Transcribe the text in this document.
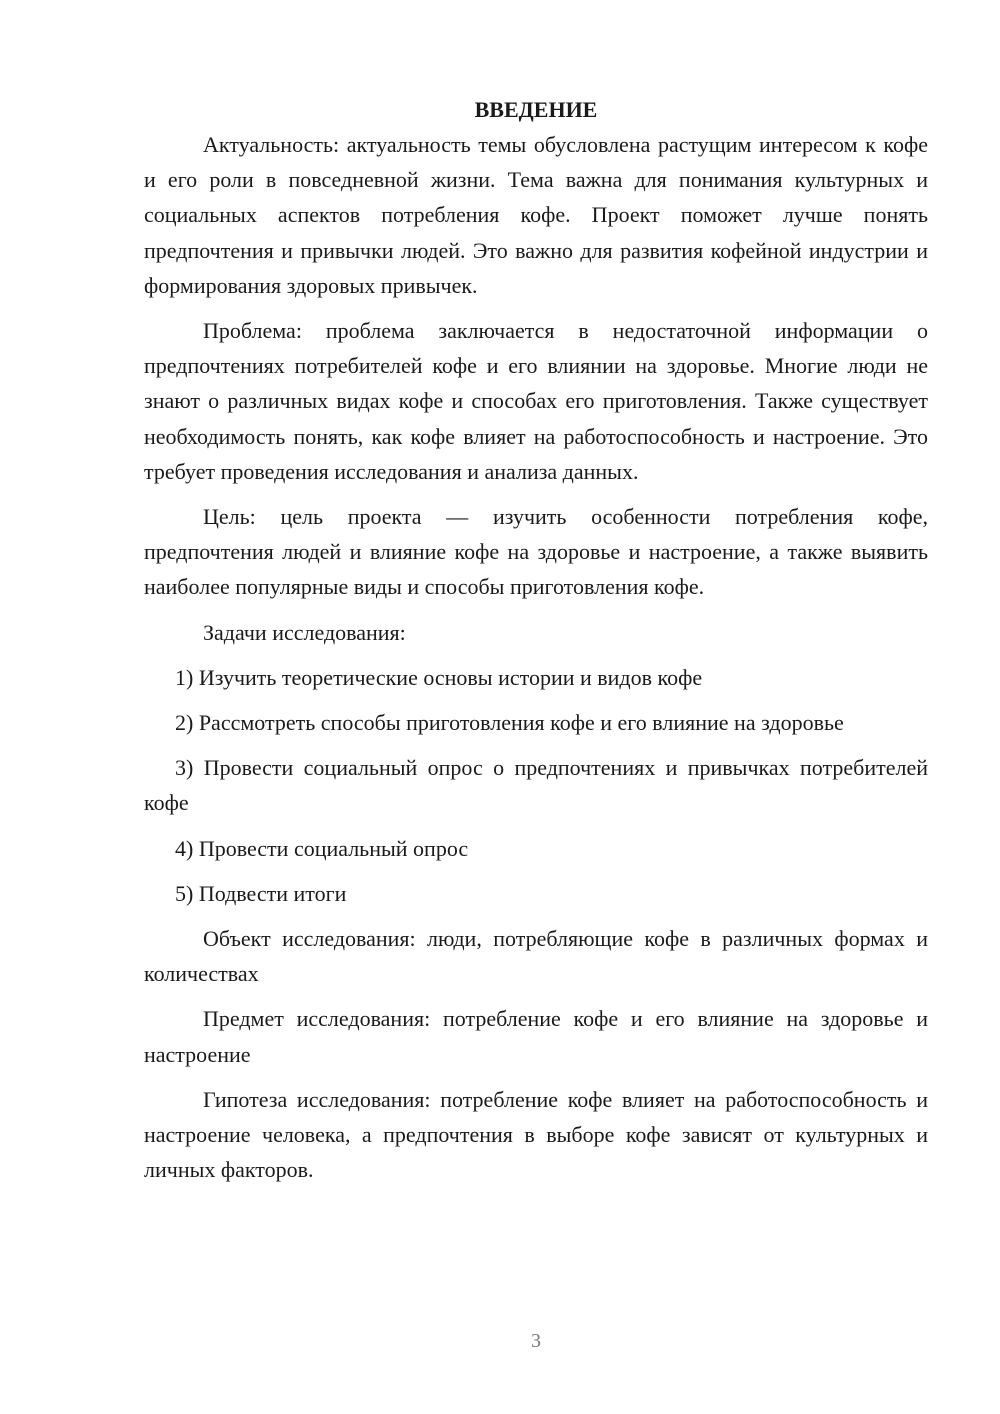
ВВЕДЕНИЕ

Актуальность: актуальность темы обусловлена растущим интересом к кофе и его роли в повседневной жизни. Тема важна для понимания культурных и социальных аспектов потребления кофе. Проект поможет лучше понять предпочтения и привычки людей. Это важно для развития кофейной индустрии и формирования здоровых привычек.

Проблема: проблема заключается в недостаточной информации о предпочтениях потребителей кофе и его влиянии на здоровье. Многие люди не знают о различных видах кофе и способах его приготовления. Также существует необходимость понять, как кофе влияет на работоспособность и настроение. Это требует проведения исследования и анализа данных.

Цель: цель проекта — изучить особенности потребления кофе, предпочтения людей и влияние кофе на здоровье и настроение, а также выявить наиболее популярные виды и способы приготовления кофе.

Задачи исследования:

1) Изучить теоретические основы истории и видов кофе

2) Рассмотреть способы приготовления кофе и его влияние на здоровье

3) Провести социальный опрос о предпочтениях и привычках потребителей кофе

4) Провести социальный опрос

5) Подвести итоги

Объект исследования: люди, потребляющие кофе в различных формах и количествах

Предмет исследования: потребление кофе и его влияние на здоровье и настроение

Гипотеза исследования: потребление кофе влияет на работоспособность и настроение человека, а предпочтения в выборе кофе зависят от культурных и личных факторов.

3
